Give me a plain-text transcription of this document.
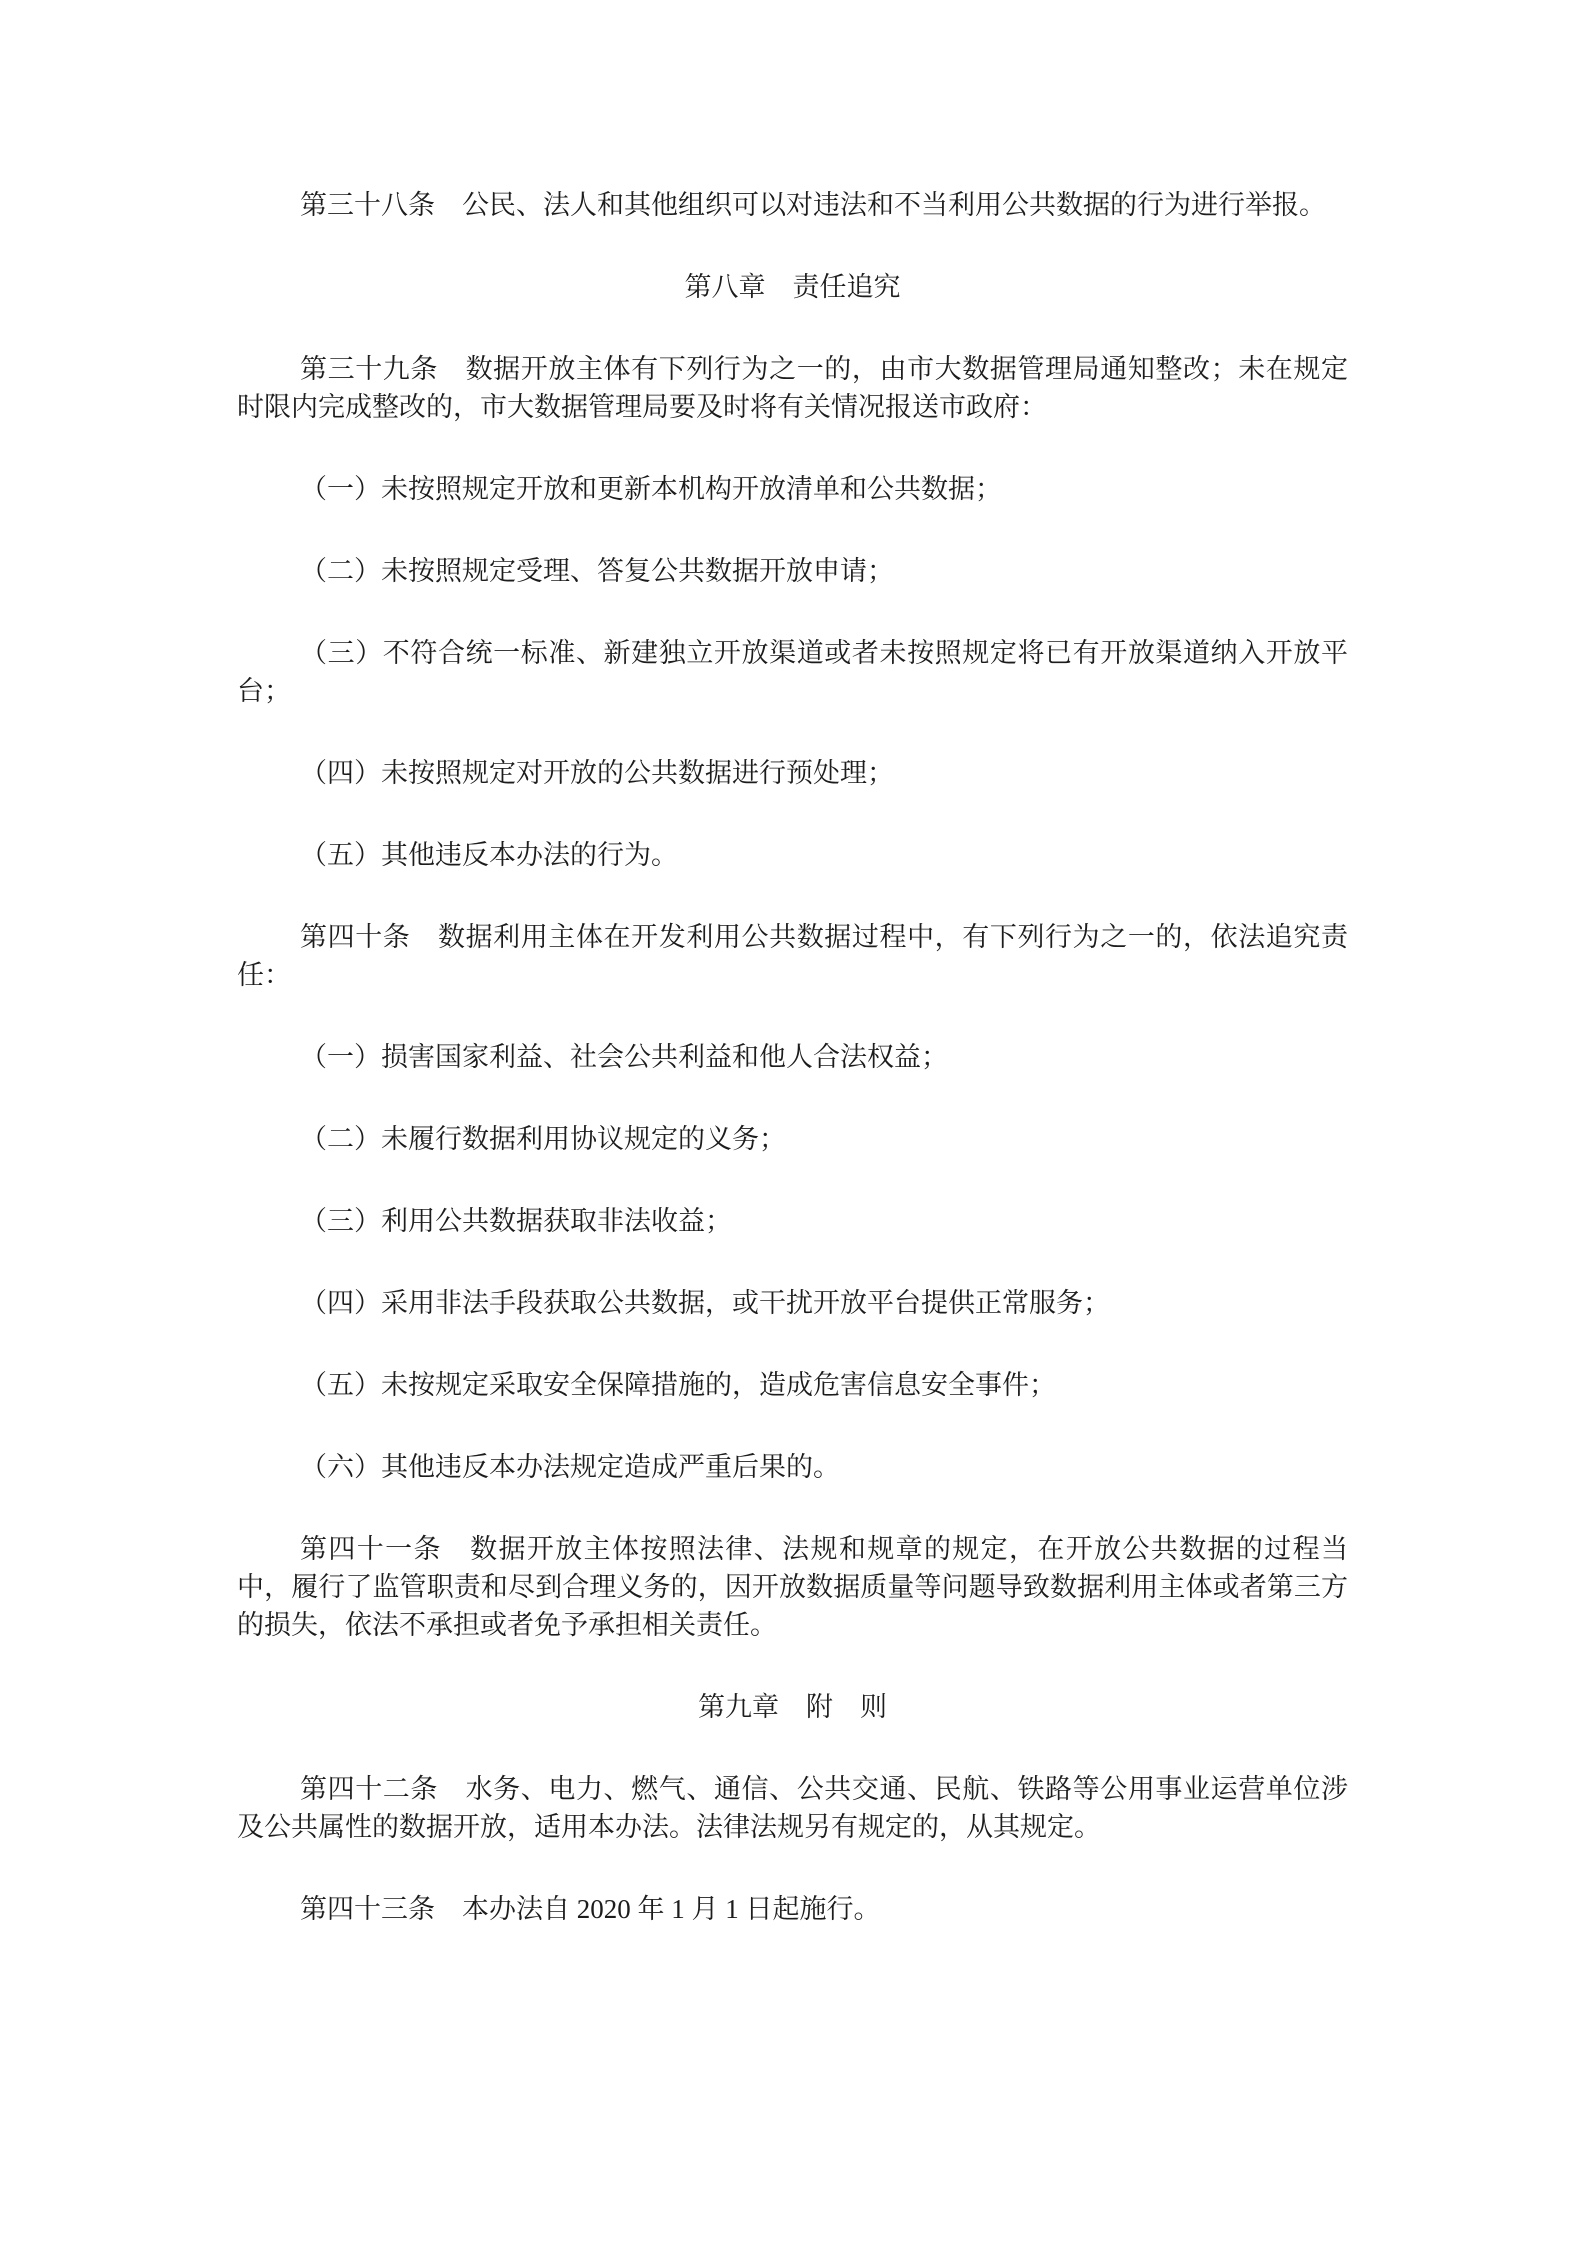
第三十八条　公民、法人和其他组织可以对违法和不当利用公共数据的行为进行举报。

第八章　责任追究

第三十九条　数据开放主体有下列行为之一的，由市大数据管理局通知整改；未在规定时限内完成整改的，市大数据管理局要及时将有关情况报送市政府：

（一）未按照规定开放和更新本机构开放清单和公共数据；

（二）未按照规定受理、答复公共数据开放申请；

（三）不符合统一标准、新建独立开放渠道或者未按照规定将已有开放渠道纳入开放平台；

（四）未按照规定对开放的公共数据进行预处理；

（五）其他违反本办法的行为。

第四十条　数据利用主体在开发利用公共数据过程中，有下列行为之一的，依法追究责任：

（一）损害国家利益、社会公共利益和他人合法权益；

（二）未履行数据利用协议规定的义务；

（三）利用公共数据获取非法收益；

（四）采用非法手段获取公共数据，或干扰开放平台提供正常服务；

（五）未按规定采取安全保障措施的，造成危害信息安全事件；

（六）其他违反本办法规定造成严重后果的。

第四十一条　数据开放主体按照法律、法规和规章的规定，在开放公共数据的过程当中，履行了监管职责和尽到合理义务的，因开放数据质量等问题导致数据利用主体或者第三方的损失，依法不承担或者免予承担相关责任。

第九章　附　则

第四十二条　水务、电力、燃气、通信、公共交通、民航、铁路等公用事业运营单位涉及公共属性的数据开放，适用本办法。法律法规另有规定的，从其规定。

第四十三条　本办法自 2020 年 1 月 1 日起施行。
